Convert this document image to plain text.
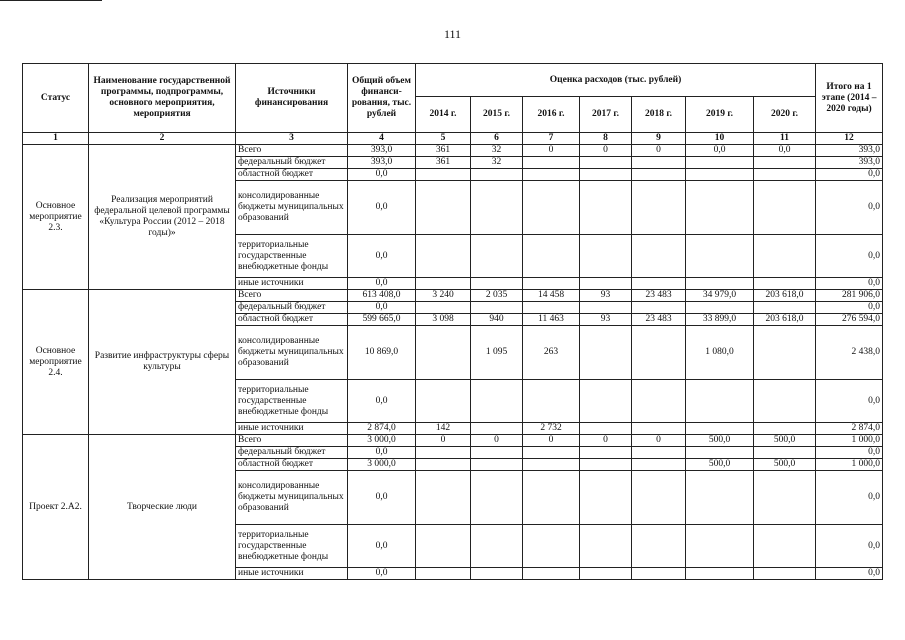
111
Статус	Наименование государственной программы, подпрограммы, основного мероприятия, мероприятия	Источники финансирования	Общий объем финанси-рования, тыс. рублей	Оценка расходов (тыс. рублей)							Итого на 1 этапе (2014 – 2020 годы)
				2014 г.	2015 г.	2016 г.	2017 г.	2018 г.	2019 г.	2020 г.	
1	2	3	4	5	6	7	8	9	10	11	12
Основное мероприятие 2.3.	Реализация мероприятий федеральной целевой программы «Культура России (2012 – 2018 годы)»	Всего	393,0	361	32	0	0	0	0,0	0,0	393,0
		федеральный бюджет	393,0	361	32						393,0
		областной бюджет	0,0								0,0
		консолидированные бюджеты муниципальных образований	0,0								0,0
		территориальные государственные внебюджетные фонды	0,0								0,0
		иные источники	0,0								0,0
Основное мероприятие 2.4.	Развитие инфраструктуры сферы культуры	Всего	613 408,0	3 240	2 035	14 458	93	23 483	34 979,0	203 618,0	281 906,0
		федеральный бюджет	0,0								0,0
		областной бюджет	599 665,0	3 098	940	11 463	93	23 483	33 899,0	203 618,0	276 594,0
		консолидированные бюджеты муниципальных образований	10 869,0		1 095	263			1 080,0		2 438,0
		территориальные государственные внебюджетные фонды	0,0								0,0
		иные источники	2 874,0	142		2 732					2 874,0
Проект 2.А2.	Творческие люди	Всего	3 000,0	0	0	0	0	0	500,0	500,0	1 000,0
		федеральный бюджет	0,0								0,0
		областной бюджет	3 000,0						500,0	500,0	1 000,0
		консолидированные бюджеты муниципальных образований	0,0								0,0
		территориальные государственные внебюджетные фонды	0,0								0,0
		иные источники	0,0								0,0
